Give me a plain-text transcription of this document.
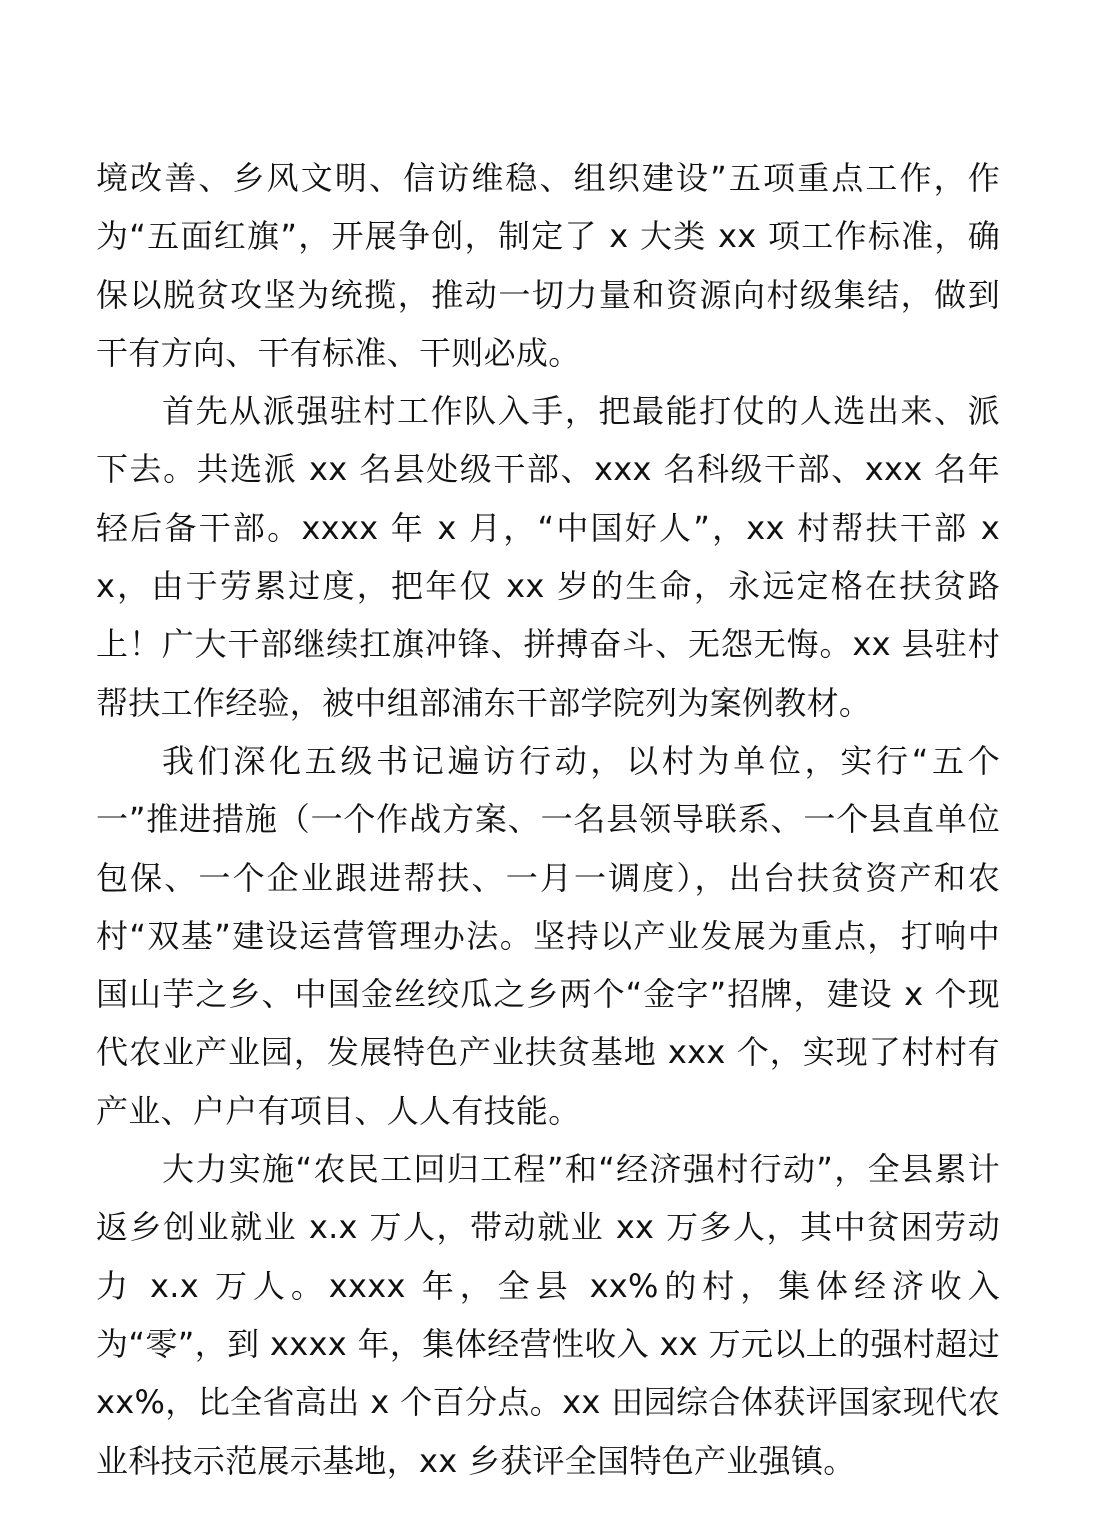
境改善、乡风文明、信访维稳、组织建设”五项重点工作，作为“五面红旗”，开展争创，制定了 x 大类 xx 项工作标准，确保以脱贫攻坚为统揽，推动一切力量和资源向村级集结，做到干有方向、干有标准、干则必成。

首先从派强驻村工作队入手，把最能打仗的人选出来、派下去。共选派 xx 名县处级干部、xxx 名科级干部、xxx 名年轻后备干部。xxxx 年 x 月，“中国好人”，xx 村帮扶干部 xx，由于劳累过度，把年仅 xx 岁的生命，永远定格在扶贫路上！广大干部继续扛旗冲锋、拼搏奋斗、无怨无悔。xx 县驻村帮扶工作经验，被中组部浦东干部学院列为案例教材。

我们深化五级书记遍访行动，以村为单位，实行“五个一”推进措施（一个作战方案、一名县领导联系、一个县直单位包保、一个企业跟进帮扶、一月一调度），出台扶贫资产和农村“双基”建设运营管理办法。坚持以产业发展为重点，打响中国山芋之乡、中国金丝绞瓜之乡两个“金字”招牌，建设 x 个现代农业产业园，发展特色产业扶贫基地 xxx 个，实现了村村有产业、户户有项目、人人有技能。

大力实施“农民工回归工程”和“经济强村行动”，全县累计返乡创业就业 x.x 万人，带动就业 xx 万多人，其中贫困劳动力 x.x 万人。xxxx 年，全县 xx%的村，集体经济收入为“零”，到 xxxx 年，集体经营性收入 xx 万元以上的强村超过 xx%，比全省高出 x 个百分点。xx 田园综合体获评国家现代农业科技示范展示基地，xx 乡获评全国特色产业强镇。
